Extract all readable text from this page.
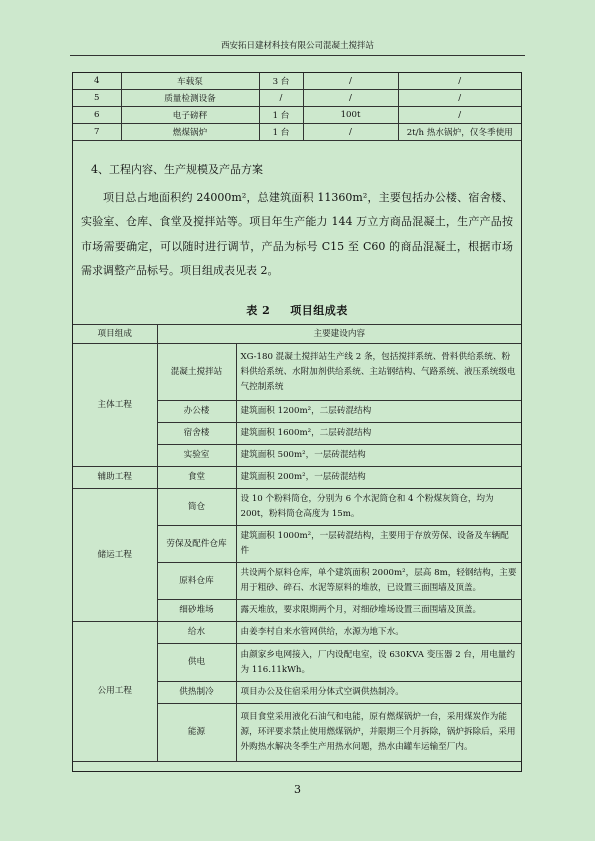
西安拓日建材科技有限公司混凝土搅拌站
4	车载泵	3 台	/	/
5	质量检测设备	/	/	/
6	电子磅秤	1 台	100t	/
7	燃煤锅炉	1 台	/	2t/h 热水锅炉，仅冬季使用
4、工程内容、生产规模及产品方案

项目总占地面积约 24000m²，总建筑面积 11360m²，主要包括办公楼、宿舍楼、实验室、仓库、食堂及搅拌站等。项目年生产能力 144 万立方商品混凝土，生产产品按市场需要确定，可以随时进行调节，产品为标号 C15 至 C60 的商品混凝土，根据市场需求调整产品标号。项目组成表见表 2。

表 2 项目组成表
项目组成	主要建设内容	
主体工程	混凝土搅拌站	XG-180 混凝土搅拌站生产线 2 条，包括搅拌系统、骨料供给系统、粉料供给系统、水附加剂供给系统、主站钢结构、气路系统、液压系统级电气控制系统
	办公楼	建筑面积 1200m²，二层砖混结构
	宿舍楼	建筑面积 1600m²，二层砖混结构
	实验室	建筑面积 500m²，一层砖混结构
辅助工程	食堂	建筑面积 200m²，一层砖混结构
储运工程	筒仓	设 10 个粉料筒仓，分别为 6 个水泥筒仓和 4 个粉煤灰筒仓，均为 200t，粉料筒仓高度为 15m。
	劳保及配件仓库	建筑面积 1000m²，一层砖混结构，主要用于存放劳保、设备及车辆配件
	原料仓库	共设两个原料仓库，单个建筑面积 2000m²，层高 8m，轻钢结构，主要用于粗砂、碎石、水泥等原料的堆放，已设置三面围墙及顶盖。
	细砂堆场	露天堆放，要求限期两个月，对细砂堆场设置三面围墙及顶盖。
公用工程	给水	由姜李村自来水管网供给，水源为地下水。
	供电	由颜家乡电网接入，厂内设配电室，设 630KVA 变压器 2 台，用电量约为 116.11kWh。
	供热制冷	项目办公及住宿采用分体式空调供热制冷。
	能源	项目食堂采用液化石油气和电能，原有燃煤锅炉一台，采用煤炭作为能源，环评要求禁止使用燃煤锅炉，并限期三个月拆除，锅炉拆除后，采用外购热水解决冬季生产用热水问题，热水由罐车运输至厂内。
3
